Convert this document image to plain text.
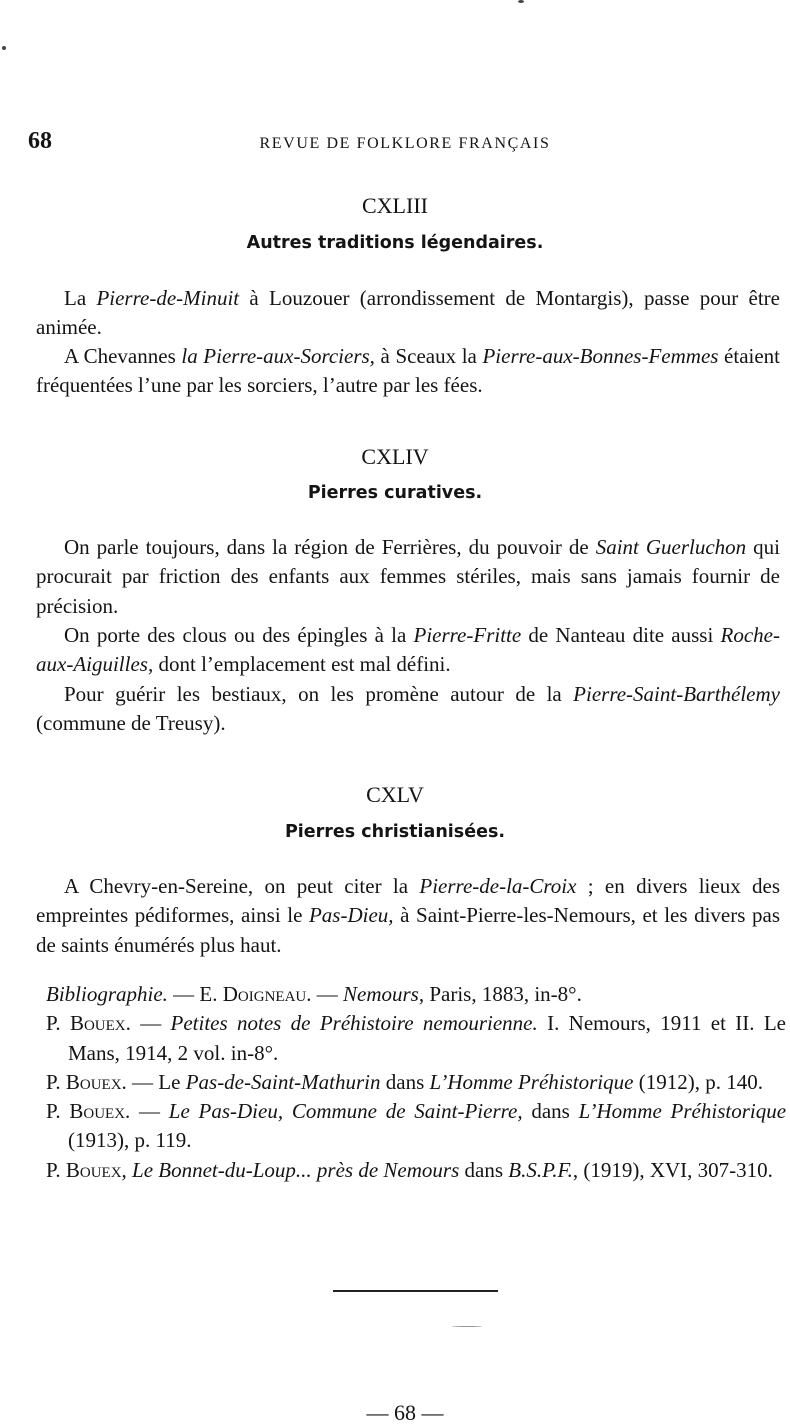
68	REVUE DE FOLKLORE FRANÇAIS
CXLIII
Autres traditions légendaires.

La Pierre-de-Minuit à Louzouer (arrondissement de Montargis), passe pour être animée.

A Chevannes la Pierre-aux-Sorciers, à Sceaux la Pierre-aux-Bonnes-Femmes étaient fréquentées l’une par les sorciers, l’autre par les fées.

CXLIV
Pierres curatives.

On parle toujours, dans la région de Ferrières, du pouvoir de Saint Guerluchon qui procurait par friction des enfants aux femmes stériles, mais sans jamais fournir de précision.

On porte des clous ou des épingles à la Pierre-Fritte de Nanteau dite aussi Roche-aux-Aiguilles, dont l’emplacement est mal défini.

Pour guérir les bestiaux, on les promène autour de la Pierre-Saint-Barthélemy (commune de Treusy).

CXLV
Pierres christianisées.

A Chevry-en-Sereine, on peut citer la Pierre-de-la-Croix ; en divers lieux des empreintes pédiformes, ainsi le Pas-Dieu, à Saint-Pierre-les-Nemours, et les divers pas de saints énumérés plus haut.

Bibliographie. — E. Doigneau. — Nemours, Paris, 1883, in-8°.
P. Bouex. — Petites notes de Préhistoire nemourienne. I. Nemours, 1911 et II. Le Mans, 1914, 2 vol. in-8°.
P. Bouex. — Le Pas-de-Saint-Mathurin dans L’Homme Préhistorique (1912), p. 140.
P. Bouex. — Le Pas-Dieu, Commune de Saint-Pierre, dans L’Homme Préhistorique (1913), p. 119.
P. Bouex, Le Bonnet-du-Loup... près de Nemours dans B.S.P.F., (1919), XVI, 307-310.
— 68 —
